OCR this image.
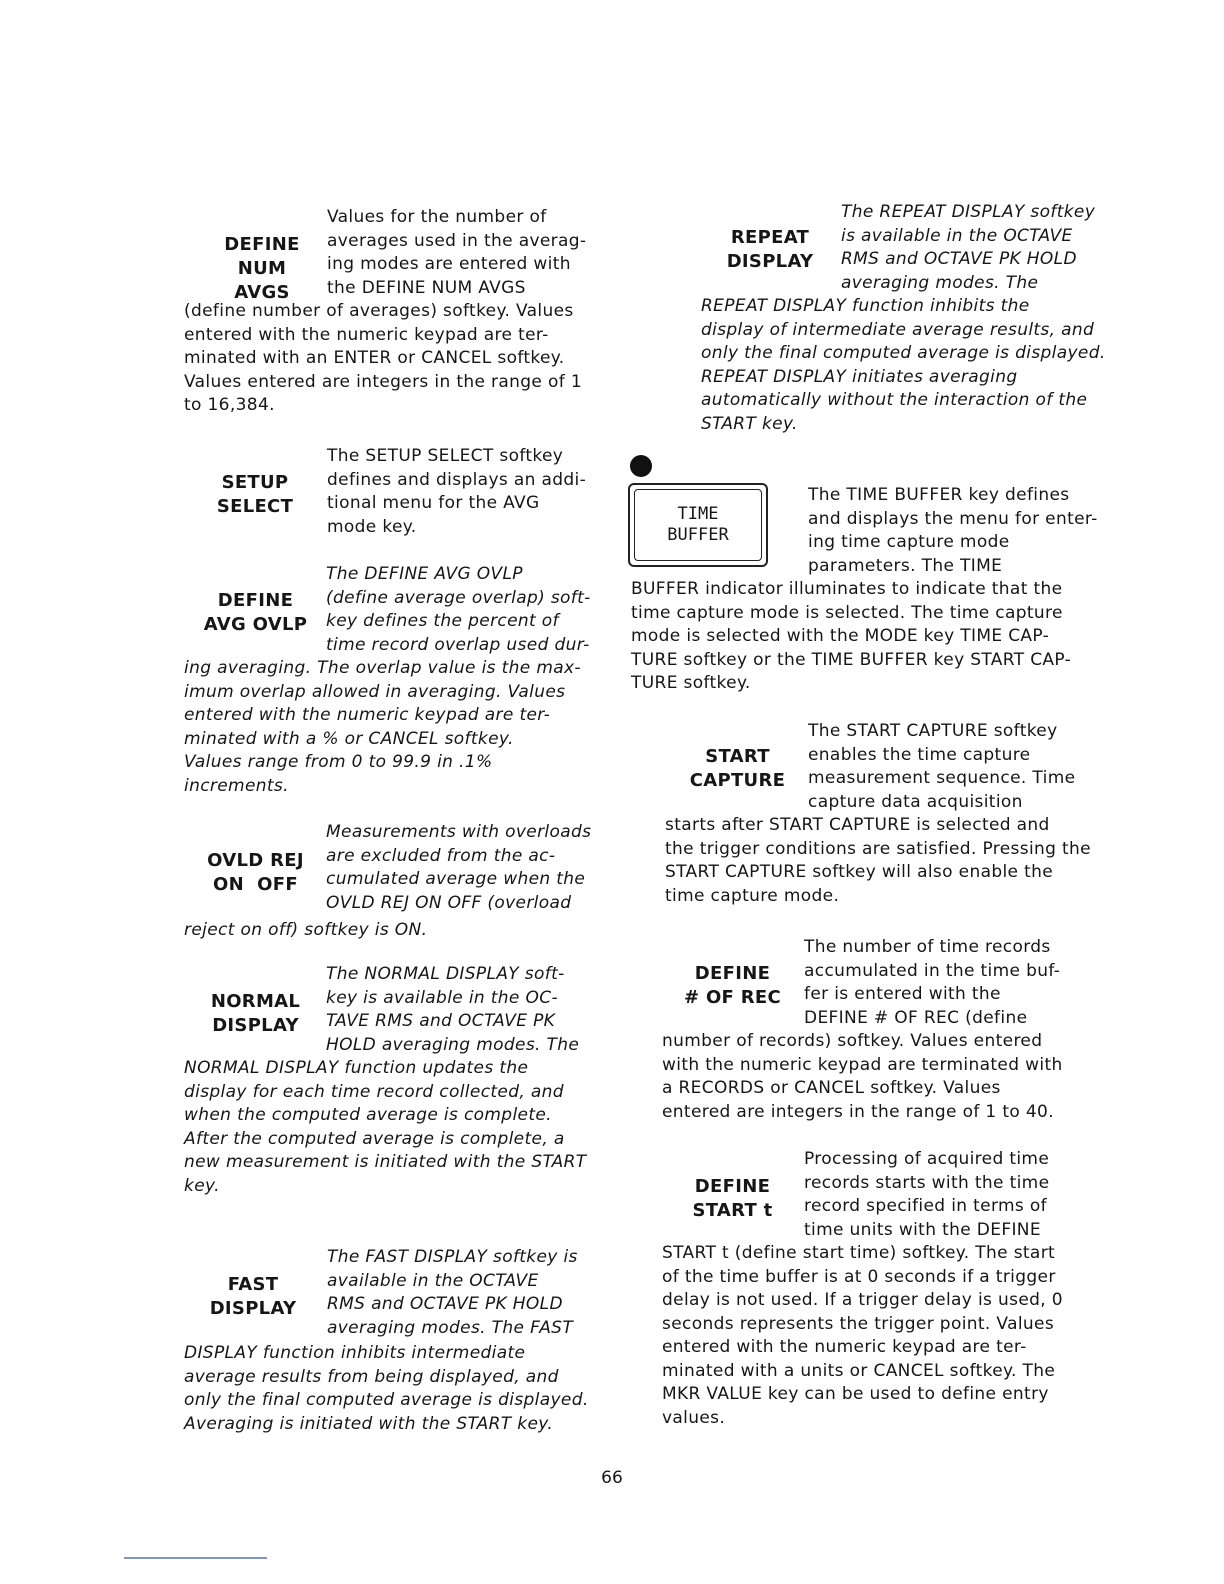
TIME
BUFFER
66
DEFINE
NUM AVGS
Values for the number of
averages used in the averag-
ing modes are entered with
the DEFINE NUM AVGS
(define number of averages) softkey. Values
entered with the numeric keypad are ter-
minated with an ENTER or CANCEL softkey.
Values entered are integers in the range of 1
to 16,384.
SETUP
SELECT
The SETUP SELECT softkey
defines and displays an addi-
tional menu for the AVG
mode key.
DEFINE
AVG OVLP
The DEFINE AVG OVLP
(define average overlap) soft-
key defines the percent of
time record overlap used dur-
ing averaging. The overlap value is the max-
imum overlap allowed in averaging. Values
entered with the numeric keypad are ter-
minated with a % or CANCEL softkey.
Values range from 0 to 99.9 in .1%
increments.
OVLD REJ
ON  OFF
Measurements with overloads
are excluded from the ac-
cumulated average when the
OVLD REJ ON OFF (overload
reject on off) softkey is ON.
NORMAL
DISPLAY
The NORMAL DISPLAY soft-
key is available in the OC-
TAVE RMS and OCTAVE PK
HOLD averaging modes. The
NORMAL DISPLAY function updates the
display for each time record collected, and
when the computed average is complete.
After the computed average is complete, a
new measurement is initiated with the START
key.
FAST
DISPLAY
The FAST DISPLAY softkey is
available in the OCTAVE
RMS and OCTAVE PK HOLD
averaging modes. The FAST
DISPLAY function inhibits intermediate
average results from being displayed, and
only the final computed average is displayed.
Averaging is initiated with the START key.
REPEAT
DISPLAY
The REPEAT DISPLAY softkey
is available in the OCTAVE
RMS and OCTAVE PK HOLD
averaging modes. The
REPEAT DISPLAY function inhibits the
display of intermediate average results, and
only the final computed average is displayed.
REPEAT DISPLAY initiates averaging
automatically without the interaction of the
START key.
The TIME BUFFER key defines
and displays the menu for enter-
ing time capture mode
parameters. The TIME
BUFFER indicator illuminates to indicate that the
time capture mode is selected. The time capture
mode is selected with the MODE key TIME CAP-
TURE softkey or the TIME BUFFER key START CAP-
TURE softkey.
START
CAPTURE
The START CAPTURE softkey
enables the time capture
measurement sequence. Time
capture data acquisition
starts after START CAPTURE is selected and
the trigger conditions are satisfied. Pressing the
START CAPTURE softkey will also enable the
time capture mode.
DEFINE
# OF REC
The number of time records
accumulated in the time buf-
fer is entered with the
DEFINE # OF REC (define
number of records) softkey. Values entered
with the numeric keypad are terminated with
a RECORDS or CANCEL softkey. Values
entered are integers in the range of 1 to 40.
DEFINE
START t
Processing of acquired time
records starts with the time
record specified in terms of
time units with the DEFINE
START t (define start time) softkey. The start
of the time buffer is at 0 seconds if a trigger
delay is not used. If a trigger delay is used, 0
seconds represents the trigger point. Values
entered with the numeric keypad are ter-
minated with a units or CANCEL softkey. The
MKR VALUE key can be used to define entry
values.
